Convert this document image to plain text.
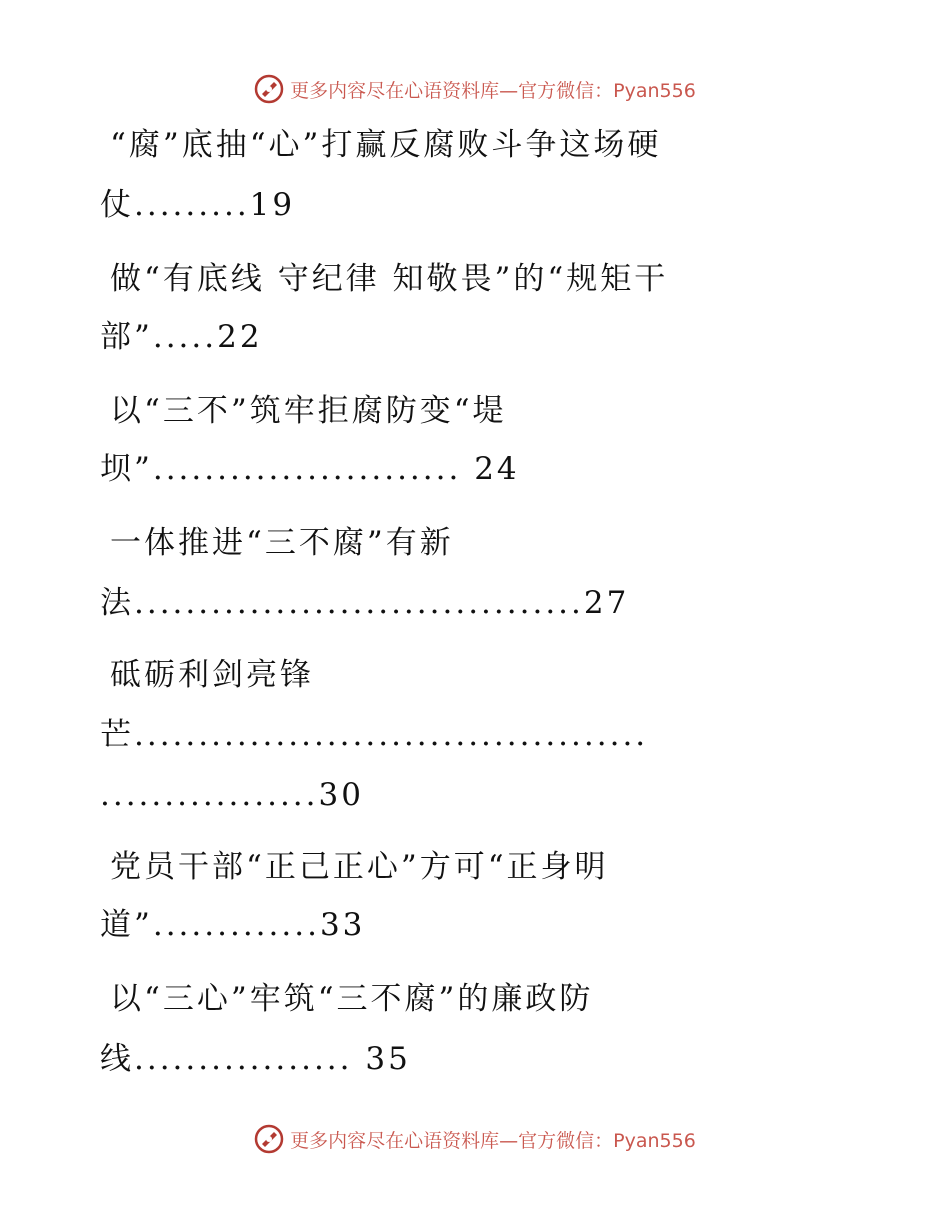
更多内容尽在心语资料库—官方微信：Pyan556
“腐”底抽“心”打赢反腐败斗争这场硬
仗.........19
做“有底线 守纪律 知敬畏”的“规矩干
部”.....22
以“三不”筑牢拒腐防变“堤
坝”........................ 24
一体推进“三不腐”有新
法...................................27
砥砺利剑亮锋
芒........................................
.................30
党员干部“正己正心”方可“正身明
道”.............33
以“三心”牢筑“三不腐”的廉政防
线................. 35
更多内容尽在心语资料库—官方微信：Pyan556
